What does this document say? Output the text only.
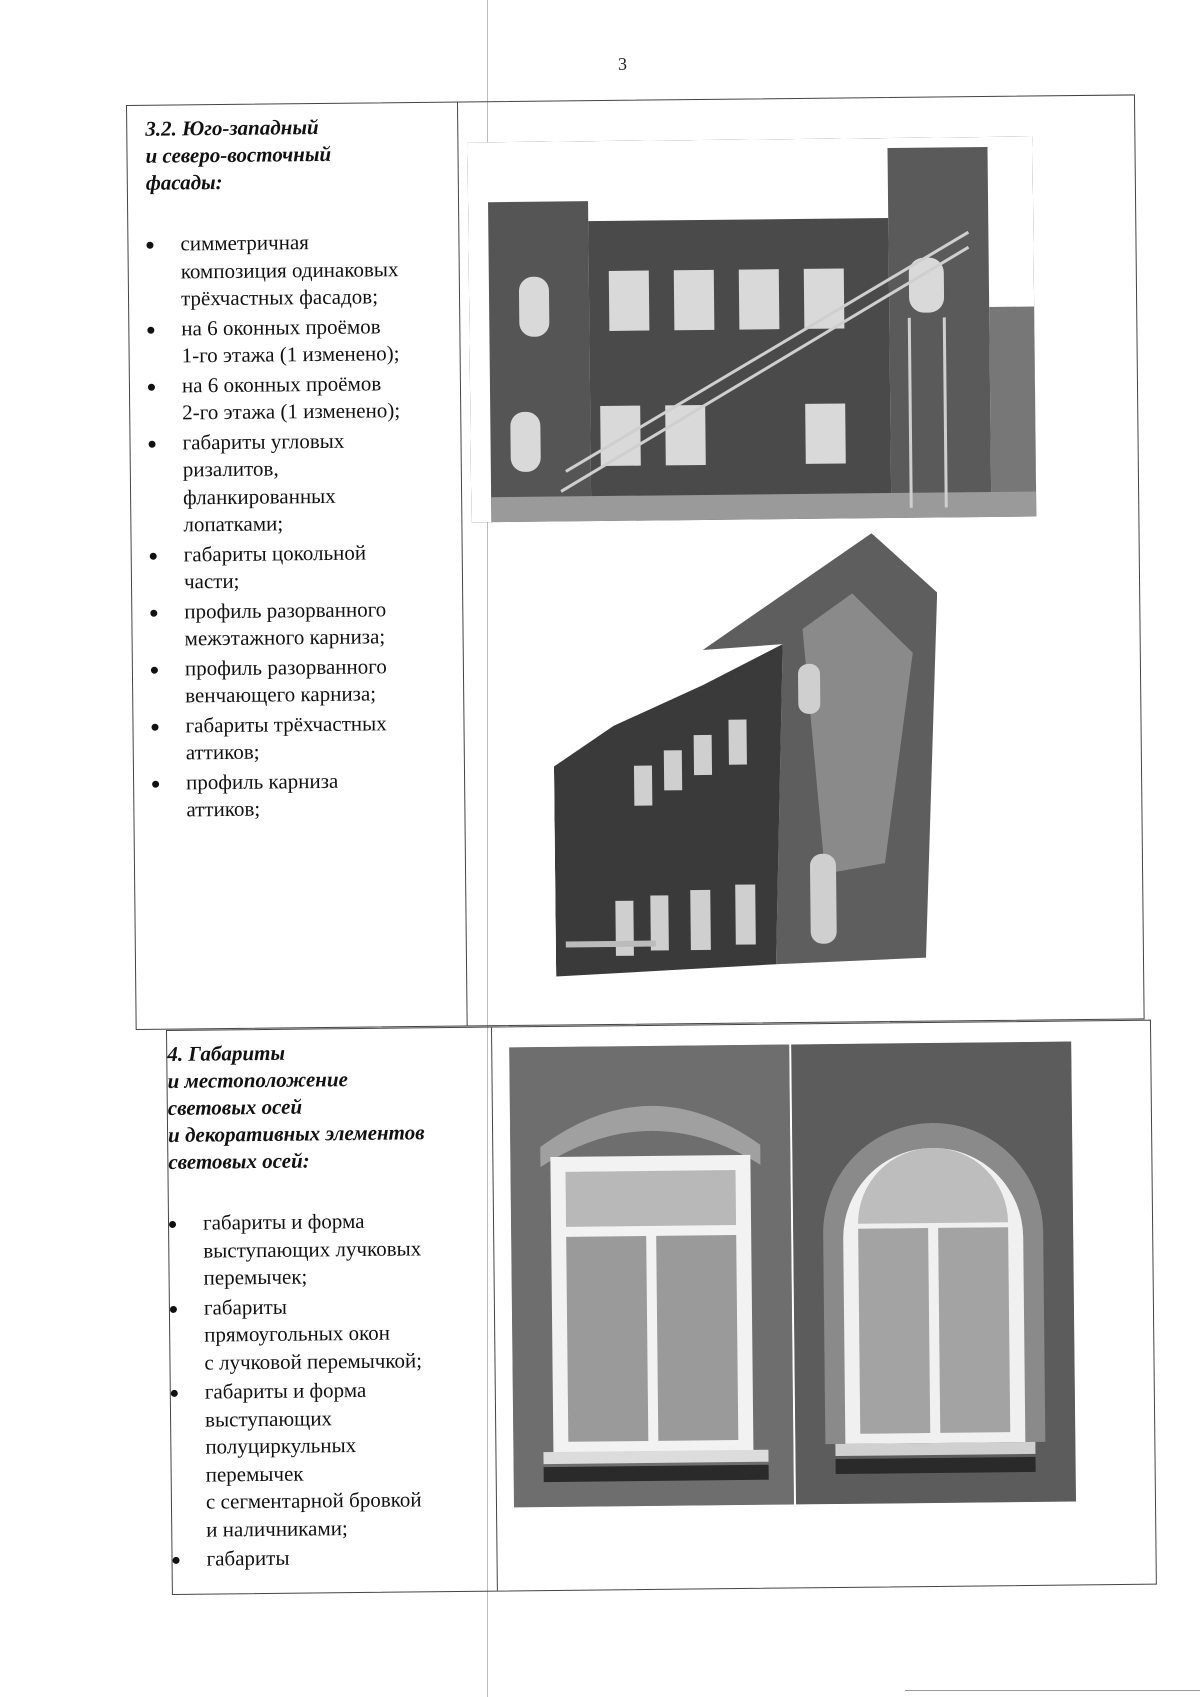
3
3.2. Юго-западный
и северо-восточный
фасады:
симметричная
композиция одинаковых
трёхчастных фасадов;
на 6 оконных проёмов
1-го этажа (1 изменено);
на 6 оконных проёмов
2-го этажа (1 изменено);
габариты угловых
ризалитов,
фланкированных
лопатками;
габариты цокольной
части;
профиль разорванного
межэтажного карниза;
профиль разорванного
венчающего карниза;
габариты трёхчастных
аттиков;
профиль карниза
аттиков;
4. Габариты
и местоположение
световых осей
и декоративных элементов
световых осей:
габариты и форма
выступающих лучковых
перемычек;
габариты
прямоугольных окон
с лучковой перемычкой;
габариты и форма
выступающих
полуциркульных
перемычек
с сегментарной бровкой
и наличниками;
габариты
